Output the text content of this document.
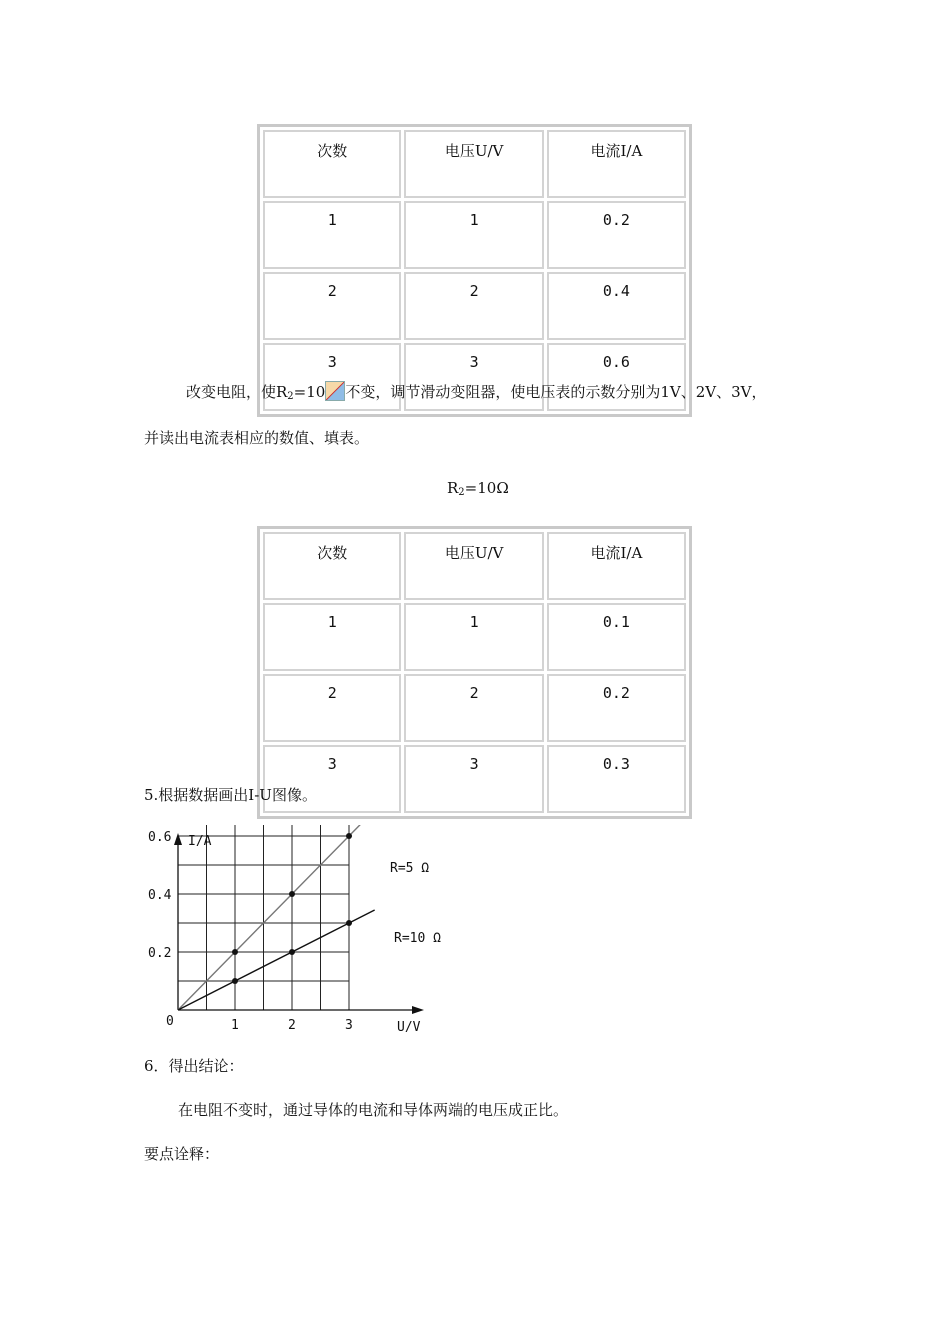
次数	电压U/V	电流I/A
1	1	0.2
2	2	0.4
3	3	0.6
改变电阻，使$R_2=10$ 不变，调节滑动变阻器，使电压表的示数分别为1V、2V、3V，
并读出电流表相应的数值、填表。
$R_2=10\Omega$
次数	电压U/V	电流I/A
1	1	0.1
2	2	0.2
3	3	0.3
5.根据数据画出I-U图像。
I/A
U/V
0	1	2	3
0.2
0.4
0.6
R=5 Ω
R=10 Ω
6．得出结论：
在电阻不变时，通过导体的电流和导体两端的电压成正比。
要点诠释：
